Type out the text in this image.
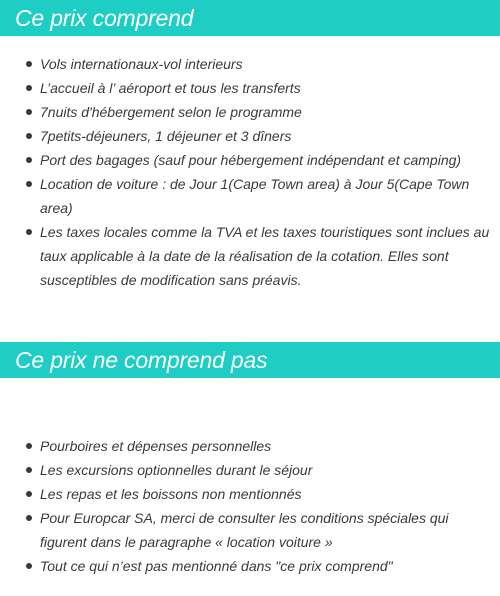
Ce prix comprend
Vols internationaux-vol interieurs
L’accueil à l’ aéroport et tous les transferts
7nuits d'hébergement selon le programme
7petits-déjeuners, 1 déjeuner et 3 dîners
Port des bagages (sauf pour hébergement indépendant et camping)
Location de voiture : de Jour 1(Cape Town area) à Jour 5(Cape Town area)
Les taxes locales comme la TVA et les taxes touristiques sont inclues au taux applicable à la date de la réalisation de la cotation. Elles sont susceptibles de modification sans préavis.
Ce prix ne comprend pas
Pourboires et dépenses personnelles
Les excursions optionnelles durant le séjour
Les repas et les boissons non mentionnés
Pour Europcar SA, merci de consulter les conditions spéciales qui figurent dans le paragraphe « location voiture »
Tout ce qui n’est pas mentionné dans "ce prix comprend"
